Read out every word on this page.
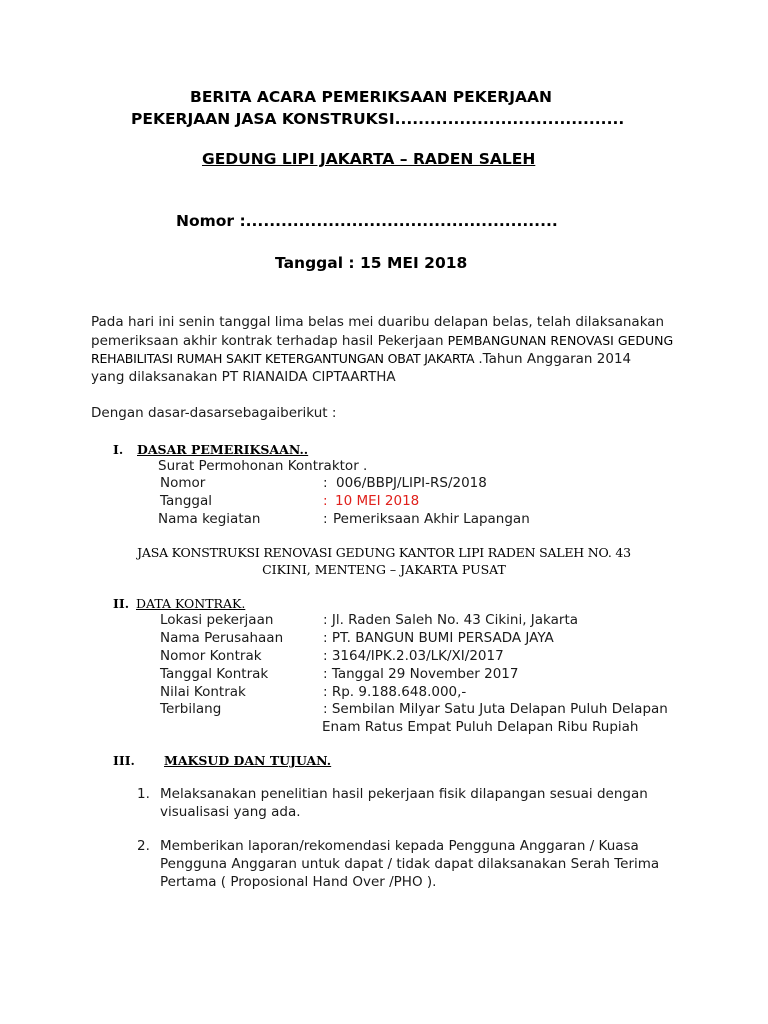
BERITA ACARA PEMERIKSAAN PEKERJAAN
PEKERJAAN JASA KONSTRUKSI.......................................
GEDUNG LIPI JAKARTA – RADEN SALEH
Nomor :.....................................................
Tanggal : 15 MEI 2018
Pada hari ini senin tanggal lima belas mei duaribu delapan belas, telah dilaksanakan
pemeriksaan akhir kontrak terhadap hasil Pekerjaan PEMBANGUNAN RENOVASI GEDUNG
REHABILITASI RUMAH SAKIT KETERGANTUNGAN OBAT JAKARTA .Tahun Anggaran 2014
yang dilaksanakan PT RIANAIDA CIPTAARTHA
Dengan dasar-dasarsebagaiberikut :
I. DASAR PEMERIKSAAN..
Surat Permohonan Kontraktor .
Nomor	: 006/BBPJ/LIPI-RS/2018
Tanggal	: 10 MEI 2018
Nama kegiatan	: Pemeriksaan Akhir Lapangan
JASA KONSTRUKSI RENOVASI GEDUNG KANTOR LIPI RADEN SALEH NO. 43
CIKINI, MENTENG – JAKARTA PUSAT
II. DATA KONTRAK.
Lokasi pekerjaan	: Jl. Raden Saleh No. 43 Cikini, Jakarta
Nama Perusahaan	: PT. BANGUN BUMI PERSADA JAYA
Nomor Kontrak	: 3164/IPK.2.03/LK/XI/2017
Tanggal Kontrak	: Tanggal 29 November 2017
Nilai Kontrak	: Rp. 9.188.648.000,-
Terbilang	: Sembilan Milyar Satu Juta Delapan Puluh Delapan
Enam Ratus Empat Puluh Delapan Ribu Rupiah
III. MAKSUD DAN TUJUAN.
1. Melaksanakan penelitian hasil pekerjaan fisik dilapangan sesuai dengan
visualisasi yang ada.
2. Memberikan laporan/rekomendasi kepada Pengguna Anggaran / Kuasa
Pengguna Anggaran untuk dapat / tidak dapat dilaksanakan Serah Terima
Pertama ( Proposional Hand Over /PHO ).
